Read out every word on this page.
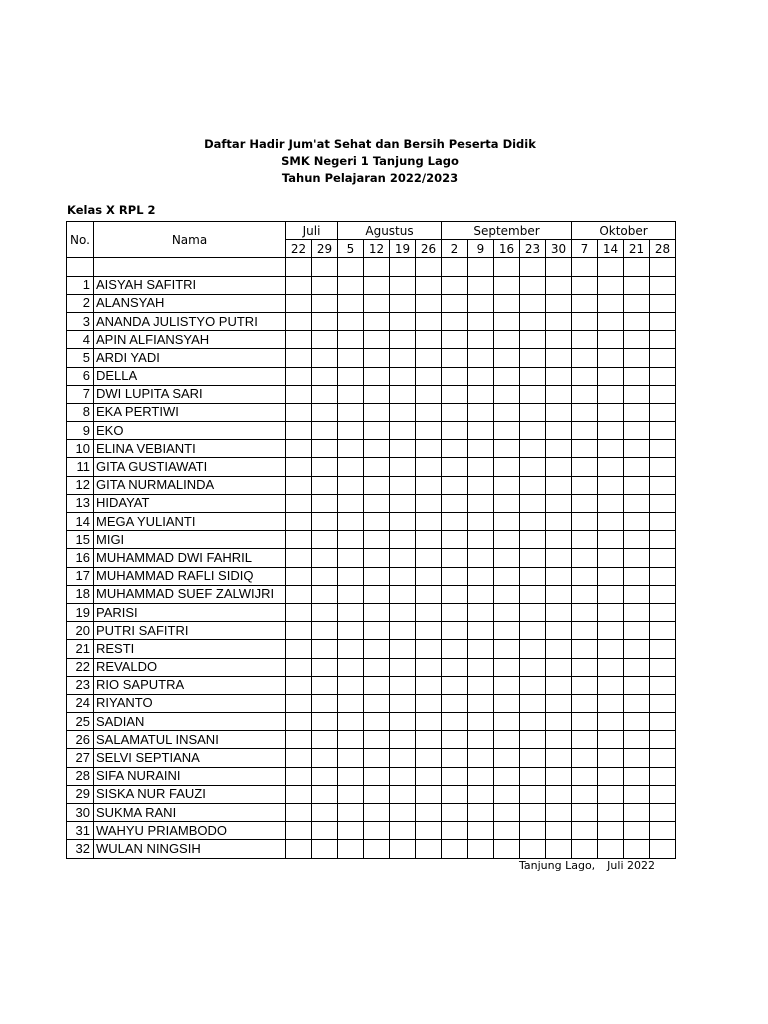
Daftar Hadir Jum'at Sehat dan Bersih Peserta Didik
SMK Negeri 1 Tanjung Lago
Tahun Pelajaran 2022/2023
Kelas X RPL 2
No.	Nama	Juli		Agustus				September					Oktober			
		22	29	5	12	19	26	2	9	16	23	30	7	14	21	28

1	AISYAH SAFITRI															
2	ALANSYAH															
3	ANANDA JULISTYO PUTRI															
4	APIN ALFIANSYAH															
5	ARDI YADI															
6	DELLA															
7	DWI LUPITA SARI															
8	EKA PERTIWI															
9	EKO															
10	ELINA VEBIANTI															
11	GITA GUSTIAWATI															
12	GITA NURMALINDA															
13	HIDAYAT															
14	MEGA YULIANTI															
15	MIGI															
16	MUHAMMAD DWI FAHRIL															
17	MUHAMMAD RAFLI SIDIQ															
18	MUHAMMAD SUEF ZALWIJRI															
19	PARISI															
20	PUTRI SAFITRI															
21	RESTI															
22	REVALDO															
23	RIO SAPUTRA															
24	RIYANTO															
25	SADIAN															
26	SALAMATUL INSANI															
27	SELVI SEPTIANA															
28	SIFA NURAINI															
29	SISKA NUR FAUZI															
30	SUKMA RANI															
31	WAHYU PRIAMBODO															
32	WULAN NINGSIH															
Tanjung Lago, Juli 2022
